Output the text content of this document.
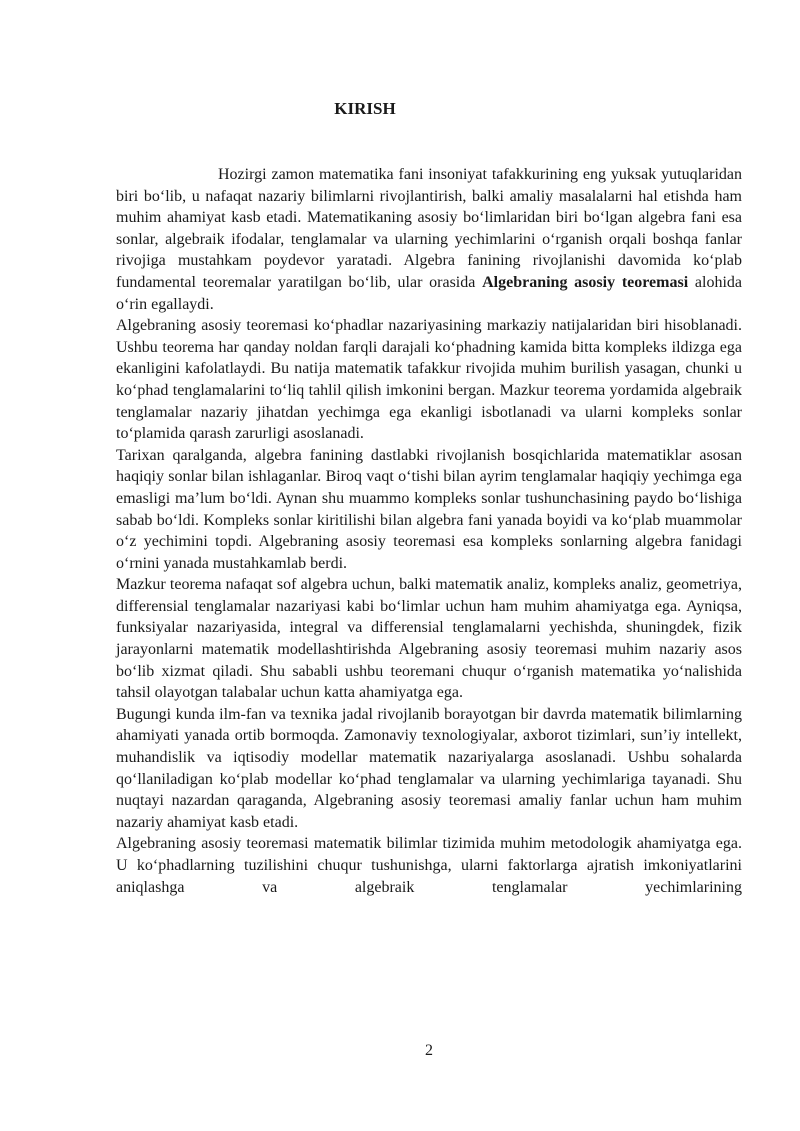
KIRISH

Hozirgi zamon matematika fani insoniyat tafakkurining eng yuksak yutuqlaridan biri bo‘lib, u nafaqat nazariy bilimlarni rivojlantirish, balki amaliy masalalarni hal etishda ham muhim ahamiyat kasb etadi. Matematikaning asosiy bo‘limlaridan biri bo‘lgan algebra fani esa sonlar, algebraik ifodalar, tenglamalar va ularning yechimlarini o‘rganish orqali boshqa fanlar rivojiga mustahkam poydevor yaratadi. Algebra fanining rivojlanishi davomida ko‘plab fundamental teoremalar yaratilgan bo‘lib, ular orasida Algebraning asosiy teoremasi alohida o‘rin egallaydi.

Algebraning asosiy teoremasi ko‘phadlar nazariyasining markaziy natijalaridan biri hisoblanadi. Ushbu teorema har qanday noldan farqli darajali ko‘phadning kamida bitta kompleks ildizga ega ekanligini kafolatlaydi. Bu natija matematik tafakkur rivojida muhim burilish yasagan, chunki u ko‘phad tenglamalarini to‘liq tahlil qilish imkonini bergan. Mazkur teorema yordamida algebraik tenglamalar nazariy jihatdan yechimga ega ekanligi isbotlanadi va ularni kompleks sonlar to‘plamida qarash zarurligi asoslanadi.

Tarixan qaralganda, algebra fanining dastlabki rivojlanish bosqichlarida matematiklar asosan haqiqiy sonlar bilan ishlaganlar. Biroq vaqt o‘tishi bilan ayrim tenglamalar haqiqiy yechimga ega emasligi ma’lum bo‘ldi. Aynan shu muammo kompleks sonlar tushunchasining paydo bo‘lishiga sabab bo‘ldi. Kompleks sonlar kiritilishi bilan algebra fani yanada boyidi va ko‘plab muammolar o‘z yechimini topdi. Algebraning asosiy teoremasi esa kompleks sonlarning algebra fanidagi o‘rnini yanada mustahkamlab berdi.

Mazkur teorema nafaqat sof algebra uchun, balki matematik analiz, kompleks analiz, geometriya, differensial tenglamalar nazariyasi kabi bo‘limlar uchun ham muhim ahamiyatga ega. Ayniqsa, funksiyalar nazariyasida, integral va differensial tenglamalarni yechishda, shuningdek, fizik jarayonlarni matematik modellashtirishda Algebraning asosiy teoremasi muhim nazariy asos bo‘lib xizmat qiladi. Shu sababli ushbu teoremani chuqur o‘rganish matematika yo‘nalishida tahsil olayotgan talabalar uchun katta ahamiyatga ega.

Bugungi kunda ilm-fan va texnika jadal rivojlanib borayotgan bir davrda matematik bilimlarning ahamiyati yanada ortib bormoqda. Zamonaviy texnologiyalar, axborot tizimlari, sun’iy intellekt, muhandislik va iqtisodiy modellar matematik nazariyalarga asoslanadi. Ushbu sohalarda qo‘llaniladigan ko‘plab modellar ko‘phad tenglamalar va ularning yechimlariga tayanadi. Shu nuqtayi nazardan qaraganda, Algebraning asosiy teoremasi amaliy fanlar uchun ham muhim nazariy ahamiyat kasb etadi.

Algebraning asosiy teoremasi matematik bilimlar tizimida muhim metodologik ahamiyatga ega. U ko‘phadlarning tuzilishini chuqur tushunishga, ularni faktorlarga ajratish imkoniyatlarini aniqlashga va algebraik tenglamalar yechimlarining

2
